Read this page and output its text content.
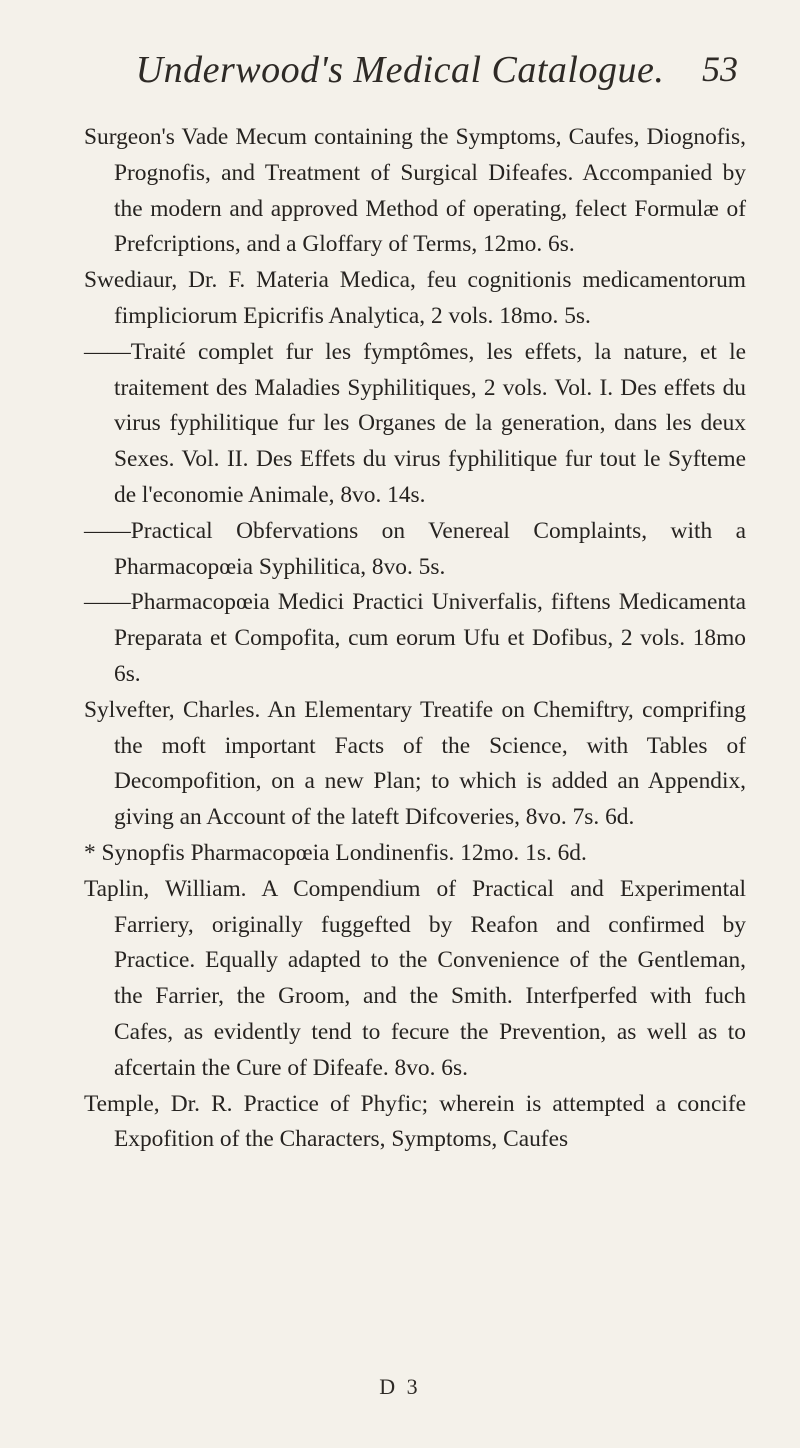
Underwood's Medical Catalogue.	53

Surgeon's Vade Mecum containing the Symptoms, Caufes, Diognofis, Prognofis, and Treatment of Surgical Difeafes. Accompanied by the modern and approved Method of operating, felect Formulæ of Prefcriptions, and a Gloffary of Terms, 12mo. 6s.

Swediaur, Dr. F. Materia Medica, feu cognitionis medicamentorum fimpliciorum Epicrifis Analytica, 2 vols. 18mo. 5s.

——Traité complet fur les fymptômes, les effets, la nature, et le traitement des Maladies Syphilitiques, 2 vols. Vol. I. Des effets du virus fyphilitique fur les Organes de la generation, dans les deux Sexes. Vol. II. Des Effets du virus fyphilitique fur tout le Syfteme de l'economie Animale, 8vo. 14s.

——Practical Obfervations on Venereal Complaints, with a Pharmacopœia Syphilitica, 8vo. 5s.

——Pharmacopœia Medici Practici Univerfalis, fiftens Medicamenta Preparata et Compofita, cum eorum Ufu et Dofibus, 2 vols. 18mo 6s.

Sylvefter, Charles. An Elementary Treatife on Chemiftry, comprifing the moft important Facts of the Science, with Tables of Decompofition, on a new Plan; to which is added an Appendix, giving an Account of the lateft Difcoveries, 8vo. 7s. 6d.

* Synopfis Pharmacopœia Londinenfis. 12mo. 1s. 6d.

Taplin, William. A Compendium of Practical and Experimental Farriery, originally fuggefted by Reafon and confirmed by Practice. Equally adapted to the Convenience of the Gentleman, the Farrier, the Groom, and the Smith. Interfperfed with fuch Cafes, as evidently tend to fecure the Prevention, as well as to afcertain the Cure of Difeafe. 8vo. 6s.

Temple, Dr. R. Practice of Phyfic; wherein is attempted a concife Expofition of the Characters, Symptoms, Caufes

D 3
